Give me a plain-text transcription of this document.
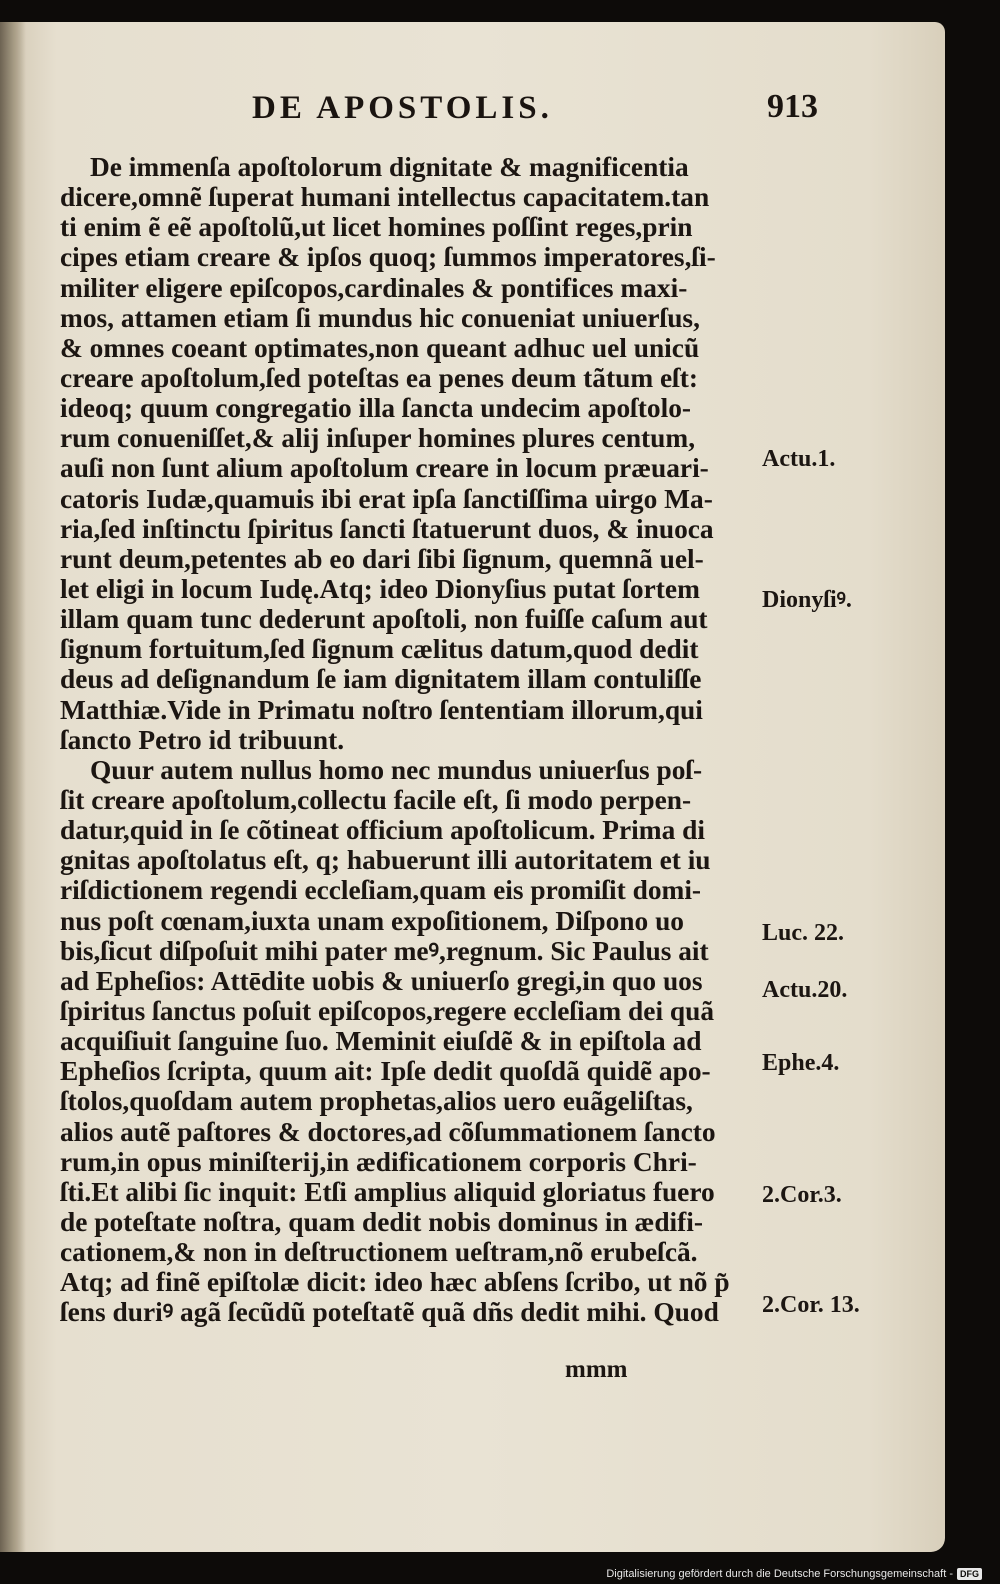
DE APOSTOLIS.	913
De immenſa apoſtolorum dignitate & magnificentia
dicere,omnẽ ſuperat humani intellectus capacitatem.tan
ti enim ẽ eẽ apoſtolũ,ut licet homines poſſint reges,prin
cipes etiam creare & ipſos quoq; ſummos imperatores,ſi-
militer eligere epiſcopos,cardinales & pontifices maxi-
mos, attamen etiam ſi mundus hic conueniat uniuerſus,
& omnes coeant optimates,non queant adhuc uel unicũ
creare apoſtolum,ſed poteſtas ea penes deum tãtum eſt:
ideoq; quum congregatio illa ſancta undecim apoſtolo-
rum conueniſſet,& alij inſuper homines plures centum,
auſi non ſunt alium apoſtolum creare in locum præuari-
catoris Iudæ,quamuis ibi erat ipſa ſanctiſſima uirgo Ma-
ria,ſed inſtinctu ſpiritus ſancti ſtatuerunt duos, & inuoca
runt deum,petentes ab eo dari ſibi ſignum, quemnã uel-
let eligi in locum Iudę.Atq; ideo Dionyſius putat ſortem
illam quam tunc dederunt apoſtoli, non fuiſſe caſum aut
ſignum fortuitum,ſed ſignum cælitus datum,quod dedit
deus ad deſignandum ſe iam dignitatem illam contuliſſe
Matthiæ.Vide in Primatu noſtro ſententiam illorum,qui
ſancto Petro id tribuunt.
Quur autem nullus homo nec mundus uniuerſus poſ-
ſit creare apoſtolum,collectu facile eſt, ſi modo perpen-
datur,quid in ſe cõtineat officium apoſtolicum. Prima di
gnitas apoſtolatus eſt, q; habuerunt illi autoritatem et iu
riſdictionem regendi eccleſiam,quam eis promiſit domi-
nus poſt cœnam,iuxta unam expoſitionem, Diſpono uo
bis,ſicut diſpoſuit mihi pater meꝰ,regnum. Sic Paulus ait
ad Epheſios: Attēdite uobis & uniuerſo gregi,in quo uos
ſpiritus ſanctus poſuit epiſcopos,regere eccleſiam dei quã
acquiſiuit ſanguine ſuo. Meminit eiuſdẽ & in epiſtola ad
Epheſios ſcripta, quum ait: Ipſe dedit quoſdã quidẽ apo-
ſtolos,quoſdam autem prophetas,alios uero euãgeliſtas,
alios autẽ paſtores & doctores,ad cõſummationem ſancto
rum,in opus miniſterij,in ædificationem corporis Chri-
ſti.Et alibi ſic inquit: Etſi amplius aliquid gloriatus fuero
de poteſtate noſtra, quam dedit nobis dominus in ædifi-
cationem,& non in deſtructionem ueſtram,nõ erubeſcã.
Atq; ad finẽ epiſtolæ dicit: ideo hæc abſens ſcribo, ut nõ p̃
ſens duriꝰ agã ſecũdũ poteſtatẽ quã dñs dedit mihi. Quod
Actu.1.
Dionyſiꝰ.
Luc. 22.
Actu.20.
Ephe.4.
2.Cor.3.
2.Cor. 13.
mmm
Digitalisierung gefördert durch die Deutsche Forschungsgemeinschaft - DFG
